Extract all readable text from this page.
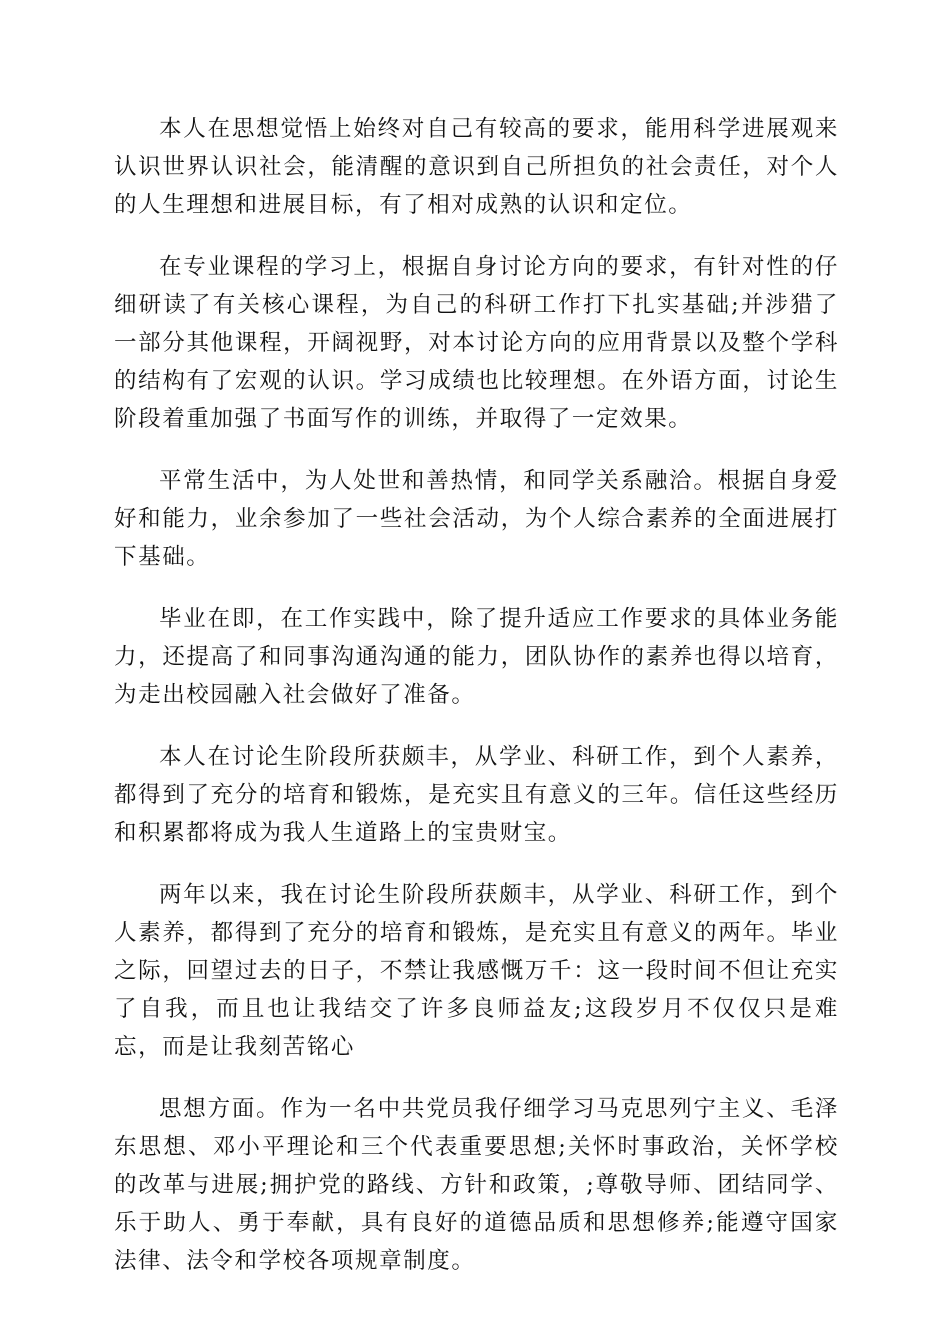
本人在思想觉悟上始终对自己有较高的要求，能用科学进展观来认识世界认识社会，能清醒的意识到自己所担负的社会责任，对个人的人生理想和进展目标，有了相对成熟的认识和定位。

在专业课程的学习上，根据自身讨论方向的要求，有针对性的仔细研读了有关核心课程，为自己的科研工作打下扎实基础;并涉猎了一部分其他课程，开阔视野，对本讨论方向的应用背景以及整个学科的结构有了宏观的认识。学习成绩也比较理想。在外语方面，讨论生阶段着重加强了书面写作的训练，并取得了一定效果。

平常生活中，为人处世和善热情，和同学关系融洽。根据自身爱好和能力，业余参加了一些社会活动，为个人综合素养的全面进展打下基础。

毕业在即，在工作实践中，除了提升适应工作要求的具体业务能力，还提高了和同事沟通沟通的能力，团队协作的素养也得以培育，为走出校园融入社会做好了准备。

本人在讨论生阶段所获颇丰，从学业、科研工作，到个人素养，都得到了充分的培育和锻炼，是充实且有意义的三年。信任这些经历和积累都将成为我人生道路上的宝贵财宝。

两年以来，我在讨论生阶段所获颇丰，从学业、科研工作，到个人素养，都得到了充分的培育和锻炼，是充实且有意义的两年。毕业之际，回望过去的日子，不禁让我感慨万千：这一段时间不但让充实了自我，而且也让我结交了许多良师益友;这段岁月不仅仅只是难忘，而是让我刻苦铭心

思想方面。作为一名中共党员我仔细学习马克思列宁主义、毛泽东思想、邓小平理论和三个代表重要思想;关怀时事政治，关怀学校的改革与进展;拥护党的路线、方针和政策，;尊敬导师、团结同学、乐于助人、勇于奉献，具有良好的道德品质和思想修养;能遵守国家法律、法令和学校各项规章制度。
